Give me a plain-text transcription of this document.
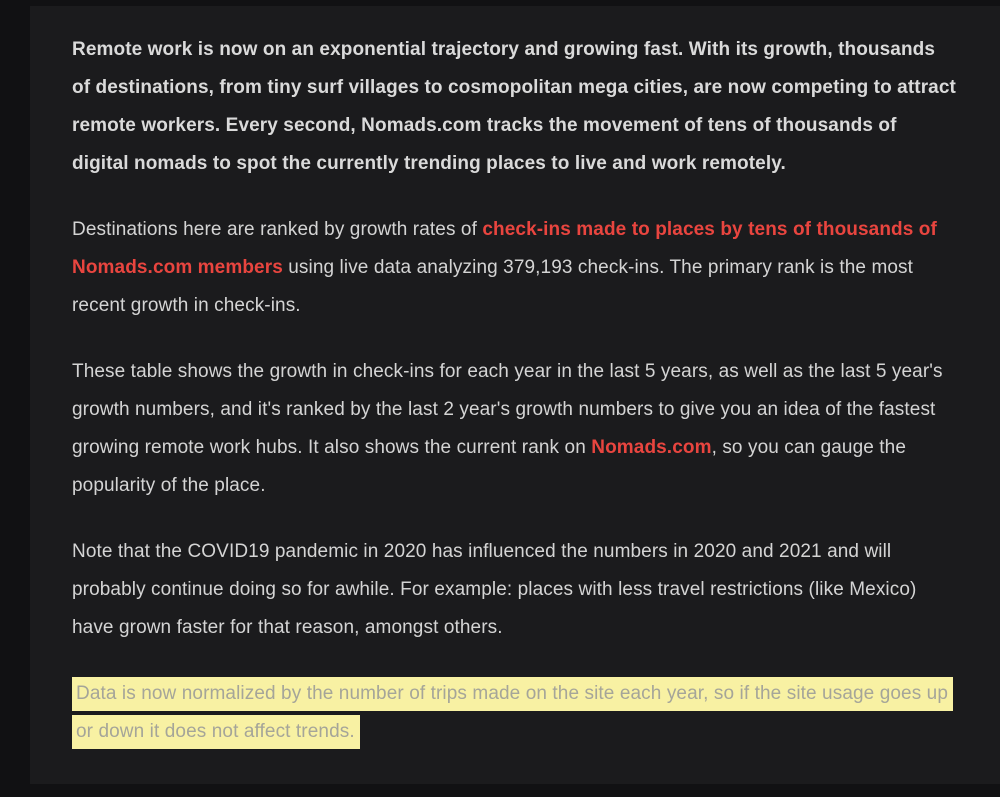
Remote work is now on an exponential trajectory and growing fast. With its growth, thousands of destinations, from tiny surf villages to cosmopolitan mega cities, are now competing to attract remote workers. Every second, Nomads.com tracks the movement of tens of thousands of digital nomads to spot the currently trending places to live and work remotely.

Destinations here are ranked by growth rates of check-ins made to places by tens of thousands of Nomads.com members using live data analyzing 379,193 check-ins. The primary rank is the most recent growth in check-ins.

These table shows the growth in check-ins for each year in the last 5 years, as well as the last 5 year's growth numbers, and it's ranked by the last 2 year's growth numbers to give you an idea of the fastest growing remote work hubs. It also shows the current rank on Nomads.com, so you can gauge the popularity of the place.

Note that the COVID19 pandemic in 2020 has influenced the numbers in 2020 and 2021 and will probably continue doing so for awhile. For example: places with less travel restrictions (like Mexico) have grown faster for that reason, amongst others.

Data is now normalized by the number of trips made on the site each year, so if the site usage goes up or down it does not affect trends.
